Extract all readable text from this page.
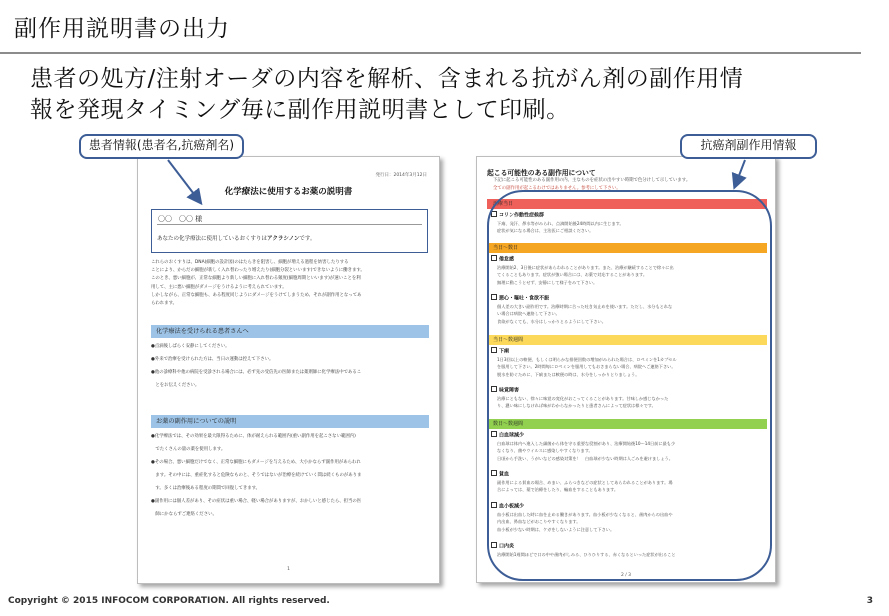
副作用説明書の出力
患者の処方/注射オーダの内容を解析、含まれる抗がん剤の副作用情
報を発現タイミング毎に副作用説明書として印刷。
発行日：2014年3月12日
化学療法に使用するお薬の説明書
〇〇　〇〇 様
あなたの化学療法に使用しているおくすりはアクラシノンです。

これらのおくすりは、DNA(細胞の設計図)のはたらきを阻害し、細胞が増える過程を妨害したりする

ことにより、からだの細胞が新しく入れ替わったり増えたり(細胞分裂といいます)できないように働きます。

このとき、悪い細胞が、正常な細胞より新しい細胞に入れ替わる頻度(細胞周期といいます)が速いことを利

用して、主に悪い細胞がダメージをうけるように考えられています。

しかしながら、正常な細胞も、ある程度同じようにダメージをうけてしまうため、それが副作用となってあ

らわれます。

化学療法を受けられる患者さんへ

●点滴後しばらく安静にしてください。

●外来で治療を受けられた方は、当日の運動は控えて下さい。

●他の診療科や他の病院を受診される場合には、必ず先の受信先の医師または薬剤師に化学療法中であるこ

　とをお伝えください。

お薬の副作用についての説明

●化学療法では、その効果を最大限得るために、体が耐えられる範囲内(重い副作用を起こさない範囲内)

　でたくさんの量の薬を使用します。

●その場合、悪い細胞だけでなく、正常な細胞にもダメージを与えるため、大小かならず副作用があらわれ

　ます。その中には、重症化すると危険なものと、そうではないが治療を続けていく間は続くものがありま

　す。多くは治療後ある程度の期間で回復してきます。

●副作用には個人差があり、その症状は重い場合、軽い場合がありますが、おかしいと感じたら、担当の医

　師にかならずご連絡ください。

1
起こる可能性のある副作用について
下記に起こる可能性のある副作用の内、主なものを症状の出やすい時期で色分けして示しています。
全ての副作用が起こるわけではありません。参考にして下さい。
治療当日
コリン作動性症候群
下痢、発汗、鼻水等がみられ、点滴開始後24時間以内に生じます。
症状が気になる場合は、主治医にご相談ください。
当日～数日
倦怠感
治療開始2、3日後に症状があらわれることがあります。また、治療が継続することで徐々に出
てくることもあります。症状が強い場合には、お薬で対応することがあります。
無理に動こうとせず、安静にして様子をみて下さい。
悪心・嘔吐・食欲不振
個人差の大きい副作用です。治療時期に合った吐き気止めを使います。ただし、水分もとれな
い場合は病院へ連絡して下さい。
食欲がなくても、水分はしっかりとるようにして下さい。
当日～数週間
下痢
1日3回以上の軟便、もしくは明らかな排便回数の増加がみられた場合は、ロペミンを1カプセル
を服用して下さい。2時間毎にロペミンを服用してもおさまらない場合、病院へご連絡下さい。
脱水を防ぐために、下痢または軟便の時は、水分をしっかりとりましょう。
味覚障害
治療にともない、徐々に味覚の変化がおこってくることがあります。甘味しか感じなかった
り、濃い味にしなければ味がわからなかったりと患者さんによって症状は様々です。
数日～数週間
白血球減少
白血球は体内へ進入した細菌から体を守る重要な役割があり、治療開始後10～14日前に最も少
なくなり、菌やウイルスに感染しやすくなります。
日頃から手洗い、うがいなどの感染対策を！　白血球が少ない時期は人ごみを避けましょう。
貧血
副作用による貧血の場合、めまい、ふらつきなどの症状としてあらわれることがあります。場
合によっては、薬で治療をしたり、輸血をすることもあります。
血小板減少
血小板は出血した時に血を止める働きがあります。血小板が少なくなると、歯肉からの出血や
内出血、鼻血などがおこりやすくなります。
血小板が少ない時期は、ケガをしないように注意して下さい。
口内炎
治療開始1週間ほどで口の中や歯肉がしみる、ひりひりする、赤くなるといった症状が出ること
2 / 3
患者情報(患者名,抗癌剤名)	抗癌剤副作用情報
Copyright © 2015 INFOCOM CORPORATION. All rights reserved.	3
